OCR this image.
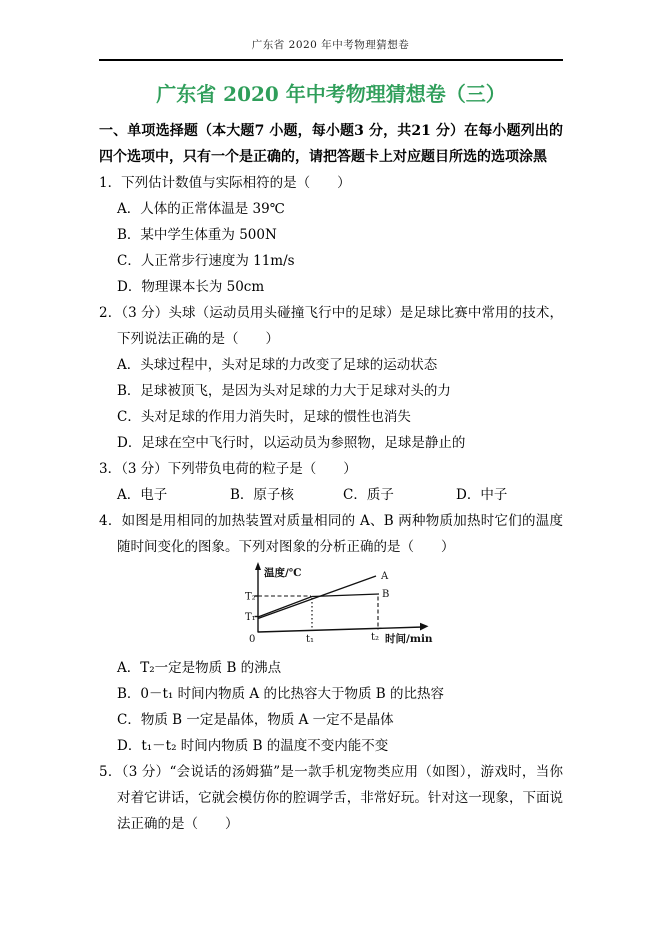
广东省 2020 年中考物理猜想卷
广东省 2020 年中考物理猜想卷（三）

一、单项选择题（本大题7 小题，每小题3 分，共21 分）在每小题列出的四个选项中，只有一个是正确的，请把答题卡上对应题目所选的选项涂黑

1．下列估计数值与实际相符的是（　　）

A．人体的正常体温是 39℃

B．某中学生体重为 500N

C．人正常步行速度为 11m/s

D．物理课本长为 50cm

2．（3 分）头球（运动员用头碰撞飞行中的足球）是足球比赛中常用的技术，下列说法正确的是（　　）

A．头球过程中，头对足球的力改变了足球的运动状态

B．足球被顶飞，是因为头对足球的力大于足球对头的力

C．头对足球的作用力消失时，足球的惯性也消失

D．足球在空中飞行时，以运动员为参照物，足球是静止的

3．（3 分）下列带负电荷的粒子是（　　）

A．电子	B．原子核	C．质子	D．中子

4．如图是用相同的加热装置对质量相同的 A、B 两种物质加热时它们的温度随时间变化的图象。下列对图象的分析正确的是（　　）

温度/℃
T₂
T₁
0	t₁	t₂ 时间/min
A
B

A．T₂一定是物质 B 的沸点

B．0－t₁ 时间内物质 A 的比热容大于物质 B 的比热容

C．物质 B 一定是晶体，物质 A 一定不是晶体

D．t₁－t₂ 时间内物质 B 的温度不变内能不变

5．（3 分）“会说话的汤姆猫”是一款手机宠物类应用（如图），游戏时，当你对着它讲话，它就会模仿你的腔调学舌，非常好玩。针对这一现象，下面说法正确的是（　　）
